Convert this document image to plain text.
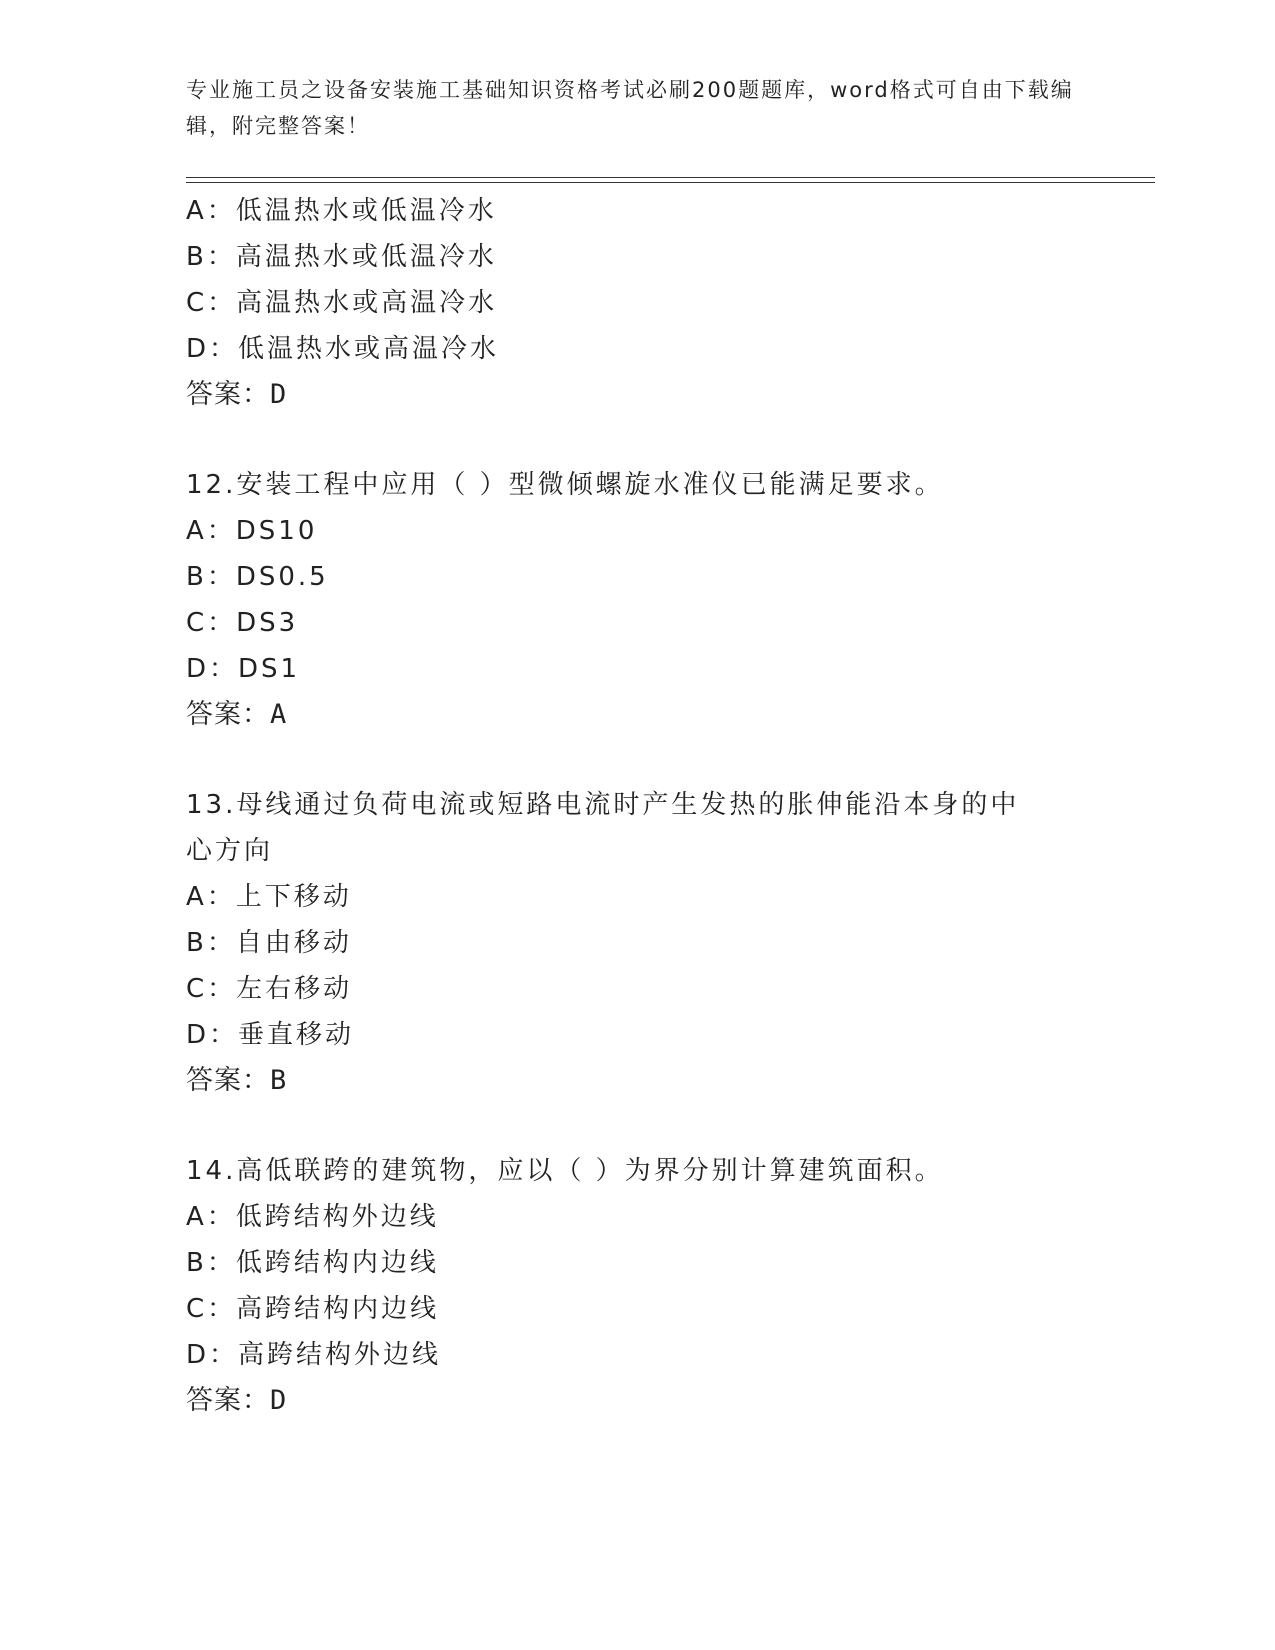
专业施工员之设备安装施工基础知识资格考试必刷200题题库，word格式可自由下载编辑，附完整答案！
A：低温热水或低温冷水
B：高温热水或低温冷水
C：高温热水或高温冷水
D：低温热水或高温冷水
答案：D
12.安装工程中应用（ ）型微倾螺旋水准仪已能满足要求。
A：DS10
B：DS0.5
C：DS3
D：DS1
答案：A
13.母线通过负荷电流或短路电流时产生发热的胀伸能沿本身的中心方向
A：上下移动
B：自由移动
C：左右移动
D：垂直移动
答案：B
14.高低联跨的建筑物，应以（ ）为界分别计算建筑面积。
A：低跨结构外边线
B：低跨结构内边线
C：高跨结构内边线
D：高跨结构外边线
答案：D
